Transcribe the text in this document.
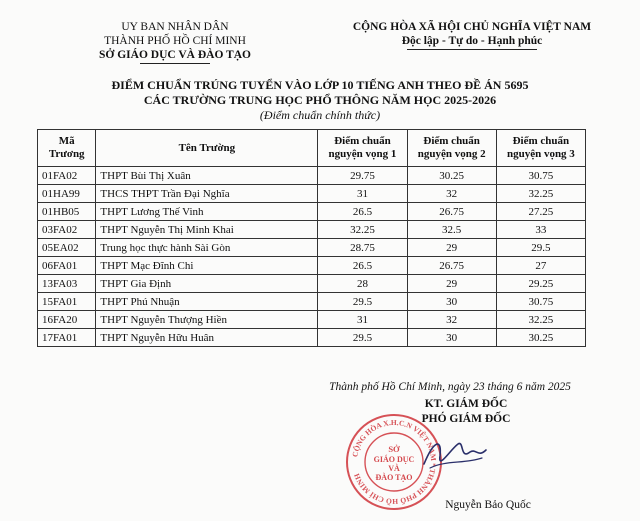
UY BAN NHÂN DÂN
THÀNH PHỐ HỒ CHÍ MINH
SỞ GIÁO DỤC VÀ ĐÀO TẠO
CỘNG HÒA XÃ HỘI CHỦ NGHĨA VIỆT NAM
Độc lập - Tự do - Hạnh phúc
ĐIỂM CHUẨN TRÚNG TUYỂN VÀO LỚP 10 TIẾNG ANH THEO ĐỀ ÁN 5695
CÁC TRƯỜNG TRUNG HỌC PHỔ THÔNG NĂM HỌC 2025-2026
(Điểm chuẩn chính thức)
Mã Trương	Tên Trường	Điểm chuẩn nguyện vọng 1	Điểm chuẩn nguyện vọng 2	Điểm chuẩn nguyện vọng 3
01FA02	THPT Bùi Thị Xuân	29.75	30.25	30.75
01HA99	THCS THPT Trần Đại Nghĩa	31	32	32.25
01HB05	THPT Lương Thế Vinh	26.5	26.75	27.25
03FA02	THPT Nguyễn Thị Minh Khai	32.25	32.5	33
05EA02	Trung học thực hành Sài Gòn	28.75	29	29.5
06FA01	THPT Mạc Đĩnh Chi	26.5	26.75	27
13FA03	THPT Gia Định	28	29	29.25
15FA01	THPT Phú Nhuận	29.5	30	30.75
16FA20	THPT Nguyễn Thượng Hiền	31	32	32.25
17FA01	THPT Nguyễn Hữu Huân	29.5	30	30.25
Thành phố Hồ Chí Minh, ngày 23 tháng 6 năm 2025
KT. GIÁM ĐỐC
PHÓ GIÁM ĐỐC
CỘNG HÒA X.H.C.N VIỆT NAM * THÀNH PHỐ HỒ CHÍ MINH
SỞ
GIÁO DỤC
VÀ
ĐÀO TẠO
Nguyễn Bảo Quốc
